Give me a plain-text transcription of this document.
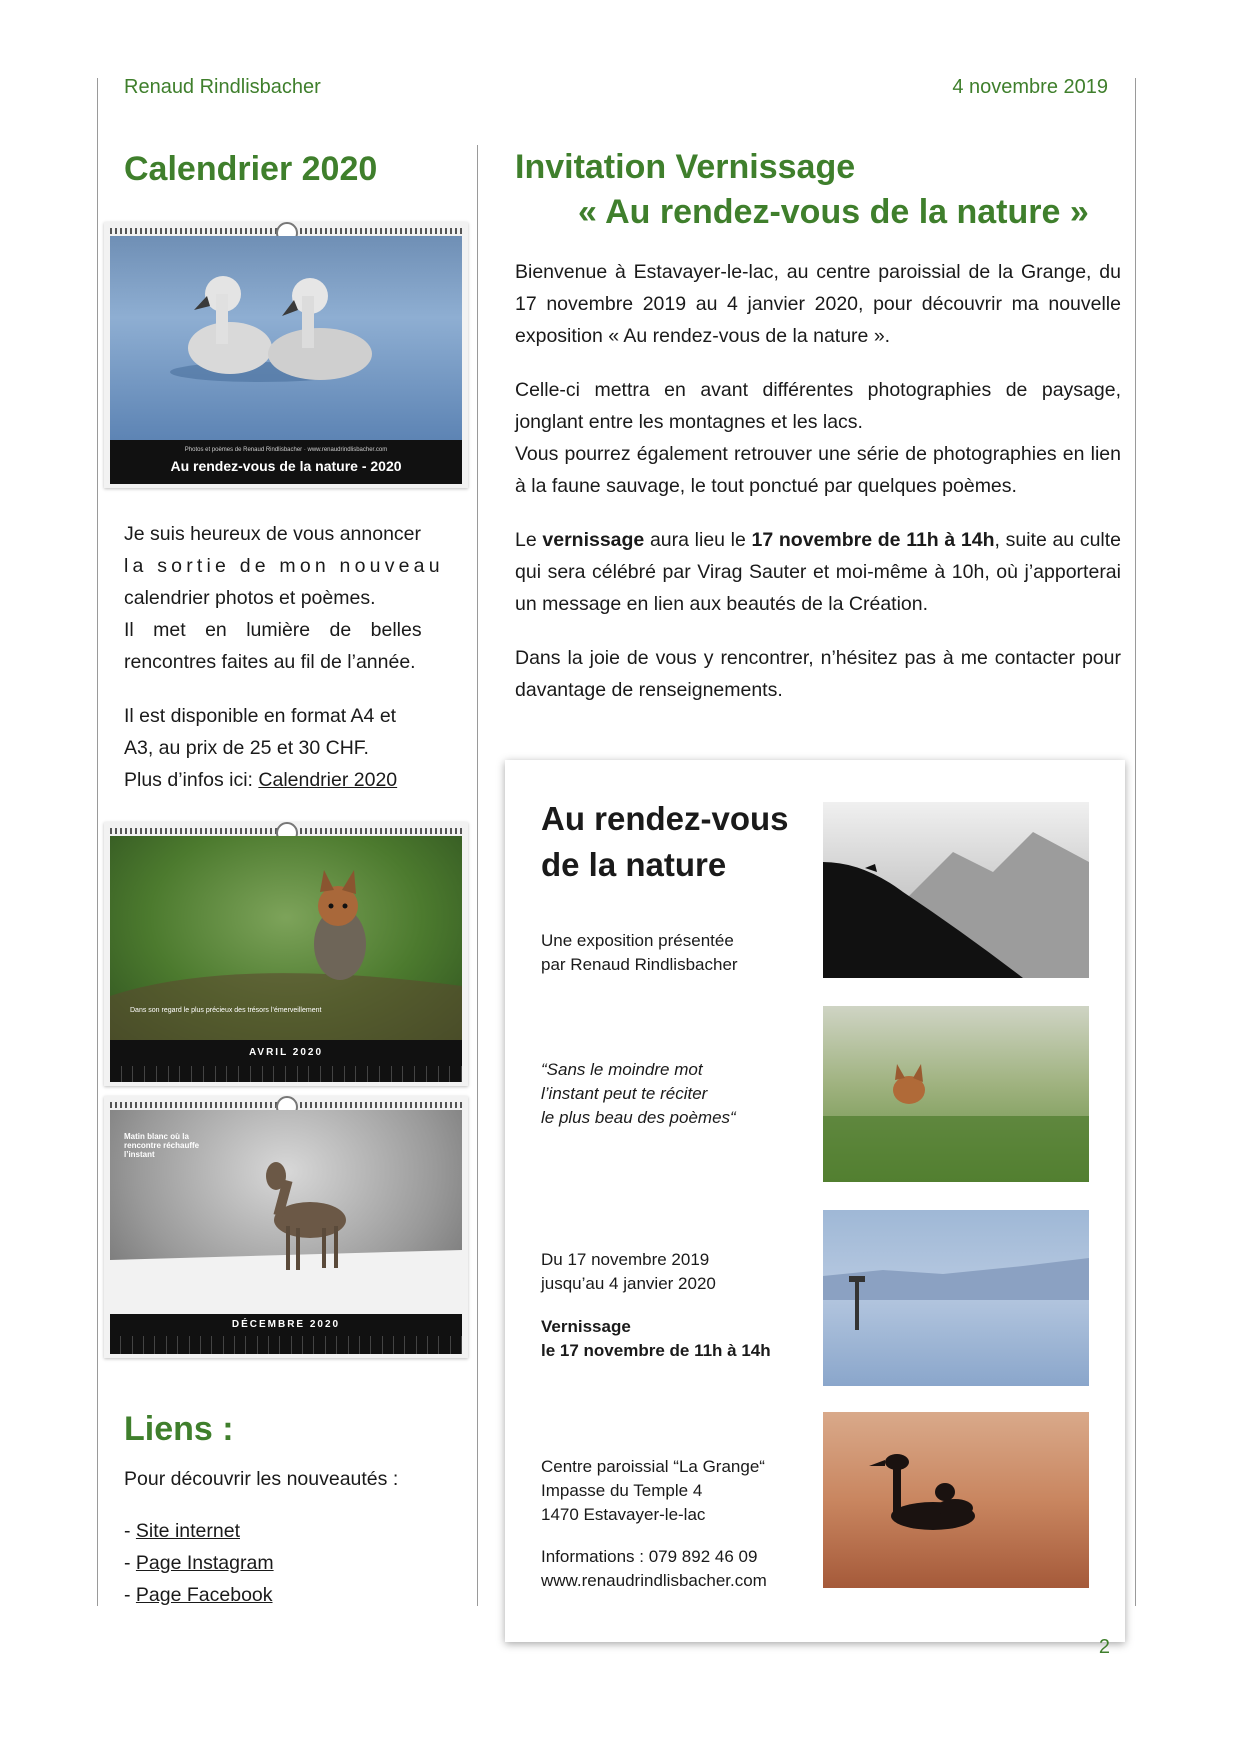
Renaud Rindlisbacher	4 novembre 2019
Calendrier 2020
Photos et poèmes de Renaud Rindlisbacher · www.renaudrindlisbacher.com
Au rendez-vous de la nature - 2020

Je suis heureux de vous annoncer

la sortie de mon nouveau

calendrier photos et poèmes.

Il met en lumière de belles

rencontres faites au fil de l’année.

Il est disponible en format A4 et

A3, au prix de 25 et 30 CHF.

Plus d’infos ici: Calendrier 2020

Dans son regard le plus précieux des trésors l’émerveillement
AVRIL 2020
Matin blanc où la rencontre réchauffe l’instant
DÉCEMBRE 2020
Liens :
Pour découvrir les nouveautés :
- Site internet
- Page Instagram
- Page Facebook
Invitation Vernissage
« Au rendez-vous de la nature »

Bienvenue à Estavayer-le-lac, au centre paroissial de la Grange, du 17 novembre 2019 au 4 janvier 2020, pour découvrir ma nouvelle exposition « Au rendez-vous de la nature ».

Celle-ci mettra en avant différentes photographies de paysage, jonglant entre les montagnes et les lacs.

Vous pourrez également retrouver une série de photographies en lien à la faune sauvage, le tout ponctué par quelques poèmes.

Le vernissage aura lieu le 17 novembre de 11h à 14h, suite au culte qui sera célébré par Virag Sauter et moi-même à 10h, où j’apporterai un message en lien aux beautés de la Création.

Dans la joie de vous y rencontrer, n’hésitez pas à me contacter pour davantage de renseignements.

Au rendez-vous
de la nature
Une exposition présentée
par Renaud Rindlisbacher
“Sans le moindre mot
l’instant peut te réciter
le plus beau des poèmes“
Du 17 novembre 2019
jusqu’au 4 janvier 2020
Vernissage
le 17 novembre de 11h à 14h
Centre paroissial “La Grange“
Impasse du Temple 4
1470 Estavayer-le-lac
Informations : 079 892 46 09
www.renaudrindlisbacher.com
2
